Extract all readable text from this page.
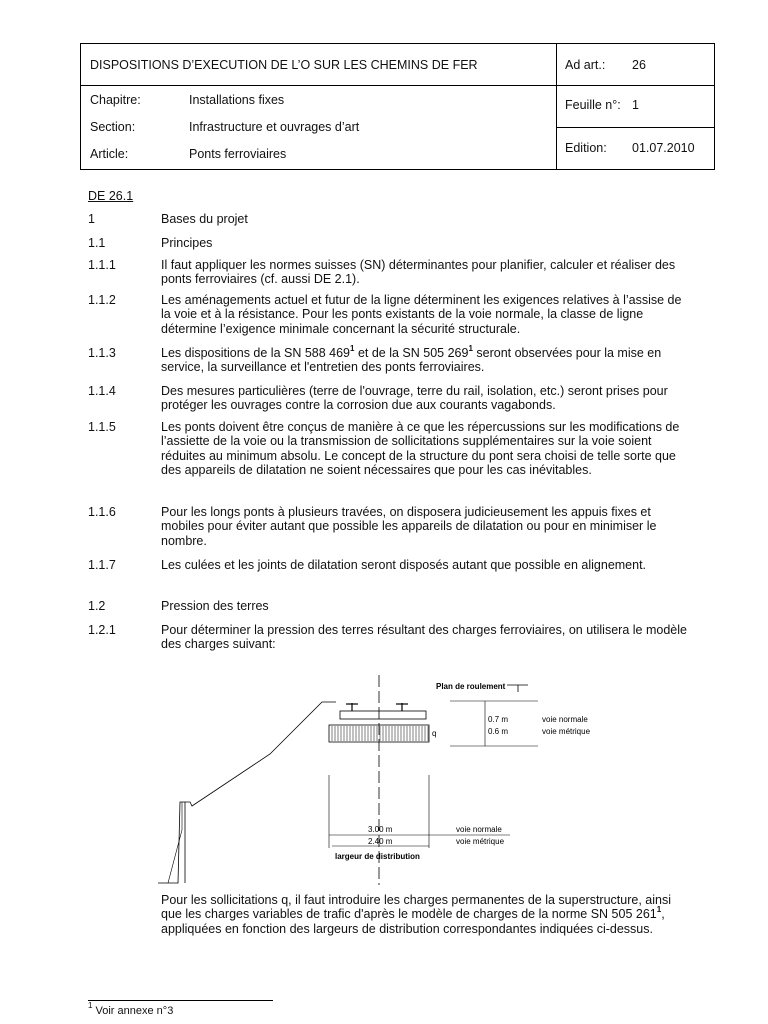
DISPOSITIONS D’EXECUTION DE L’O SUR LES CHEMINS DE FER	Ad art.: 26
Chapitre:	Installations fixes
Section:	Infrastructure et ouvrages d’art
Article:	Ponts ferroviaires
Feuille n°: 1
Edition: 01.07.2010
DE 26.1
1	Bases du projet
1.1	Principes
1.1.1	Il faut appliquer les normes suisses (SN) déterminantes pour planifier, calculer et réaliser des ponts ferroviaires (cf. aussi DE 2.1).
1.1.2	Les aménagements actuel et futur de la ligne déterminent les exigences relatives à l’assise de la voie et à la résistance. Pour les ponts existants de la voie normale, la classe de ligne détermine l’exigence minimale concernant la sécurité structurale.
1.1.3	Les dispositions de la SN 588 $469^1$ et de la SN 505 $269^1$ seront observées pour la mise en service, la surveillance et l'entretien des ponts ferroviaires.
1.1.4	Des mesures particulières (terre de l'ouvrage, terre du rail, isolation, etc.) seront prises pour protéger les ouvrages contre la corrosion due aux courants vagabonds.
1.1.5	Les ponts doivent être conçus de manière à ce que les répercussions sur les modifications de l’assiette de la voie ou la transmission de sollicitations supplémentaires sur la voie soient réduites au minimum absolu. Le concept de la structure du pont sera choisi de telle sorte que des appareils de dilatation ne soient nécessaires que pour les cas inévitables.
1.1.6	Pour les longs ponts à plusieurs travées, on disposera judicieusement les appuis fixes et mobiles pour éviter autant que possible les appareils de dilatation ou pour en minimiser le nombre.
1.1.7	Les culées et les joints de dilatation seront disposés autant que possible en alignement.
1.2	Pression des terres
1.2.1	Pour déterminer la pression des terres résultant des charges ferroviaires, on utilisera le modèle des charges suivant:
q
Plan de roulement
0.7 m
0.6 m
voie normale
voie métrique
3.00 m
2.40 m
largeur de distribution
voie normale
voie métrique
Pour les sollicitations q, il faut introduire les charges permanentes de la superstructure, ainsi que les charges variables de trafic d'après le modèle de charges de la norme SN 505 $261^1$, appliquées en fonction des largeurs de distribution correspondantes indiquées ci-dessus.
$^1$ Voir annexe n°3
